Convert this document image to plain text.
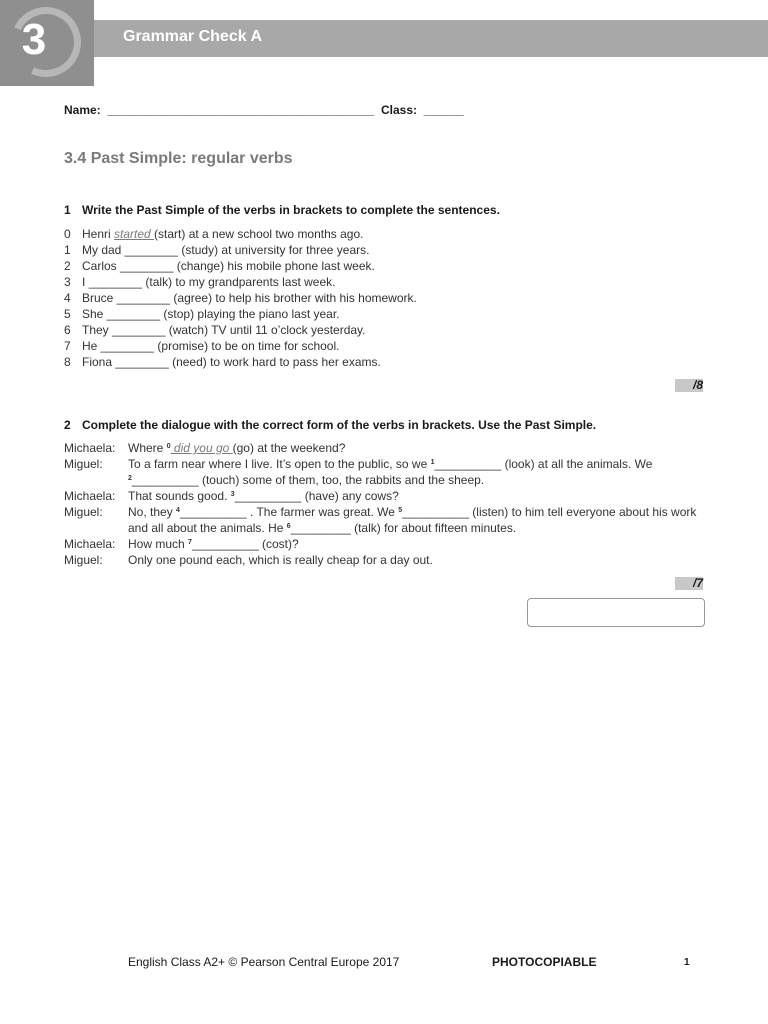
3	Grammar Check A
Name:  ________________________________________  Class:  ______
3.4 Past Simple: regular verbs
1 Write the Past Simple of the verbs in brackets to complete the sentences.
0 Henri started (start) at a new school two months ago.
1 My dad ________ (study) at university for three years.
2 Carlos ________ (change) his mobile phone last week.
3 I ________ (talk) to my grandparents last week.
4 Bruce ________ (agree) to help his brother with his homework.
5 She ________ (stop) playing the piano last year.
6 They ________ (watch) TV until 11 o’clock yesterday.
7 He ________ (promise) to be on time for school.
8 Fiona ________ (need) to work hard to pass her exams.
/8
2 Complete the dialogue with the correct form of the verbs in brackets. Use the Past Simple.
Michaela:	Where $^0$ did you go (go) at the weekend?
Miguel:	To a farm near where I live. It’s open to the public, so we $^1$__________ (look) at all the animals. We
$^2$__________ (touch) some of them, too, the rabbits and the sheep.
Michaela:	That sounds good. $^3$__________ (have) any cows?
Miguel:	No, they $^4$__________ . The farmer was great. We $^5$__________ (listen) to him tell everyone about his work and all about the animals. He $^6$_________ (talk) for about fifteen minutes.
Michaela:	How much $^7$__________ (cost)?
Miguel:	Only one pound each, which is really cheap for a day out.
/7
English Class A2+ © Pearson Central Europe 2017	PHOTOCOPIABLE	1
